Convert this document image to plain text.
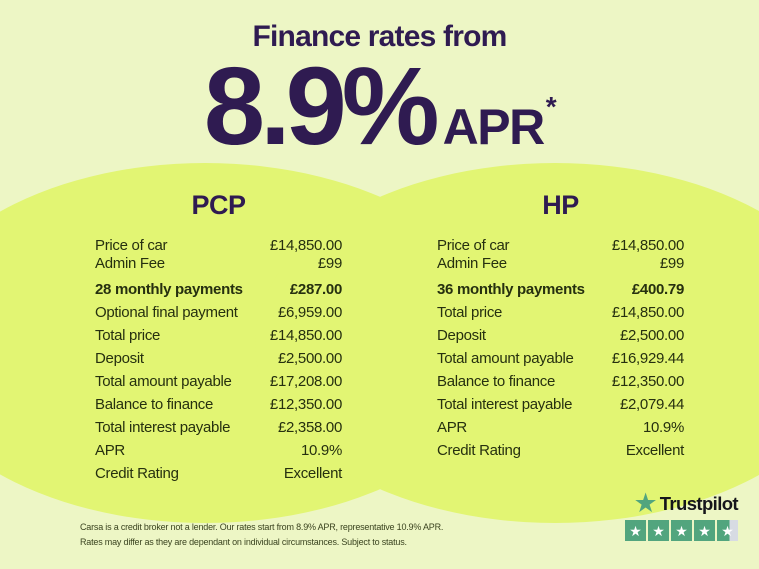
Finance rates from
8.9% APR*
PCP
Price of car	£14,850.00
Admin Fee	£99
28 monthly payments	£287.00
Optional final payment	£6,959.00
Total price	£14,850.00
Deposit	£2,500.00
Total amount payable	£17,208.00
Balance to finance	£12,350.00
Total interest payable	£2,358.00
APR	10.9%
Credit Rating	Excellent
HP
Price of car	£14,850.00
Admin Fee	£99
36 monthly payments	£400.79
Total price	£14,850.00
Deposit	£2,500.00
Total amount payable	£16,929.44
Balance to finance	£12,350.00
Total interest payable	£2,079.44
APR	10.9%
Credit Rating	Excellent
Carsa is a credit broker not a lender. Our rates start from 8.9% APR, representative 10.9% APR.
Rates may differ as they are dependant on individual circumstances. Subject to status.
★ Trustpilot
★ ★ ★ ★ ★
